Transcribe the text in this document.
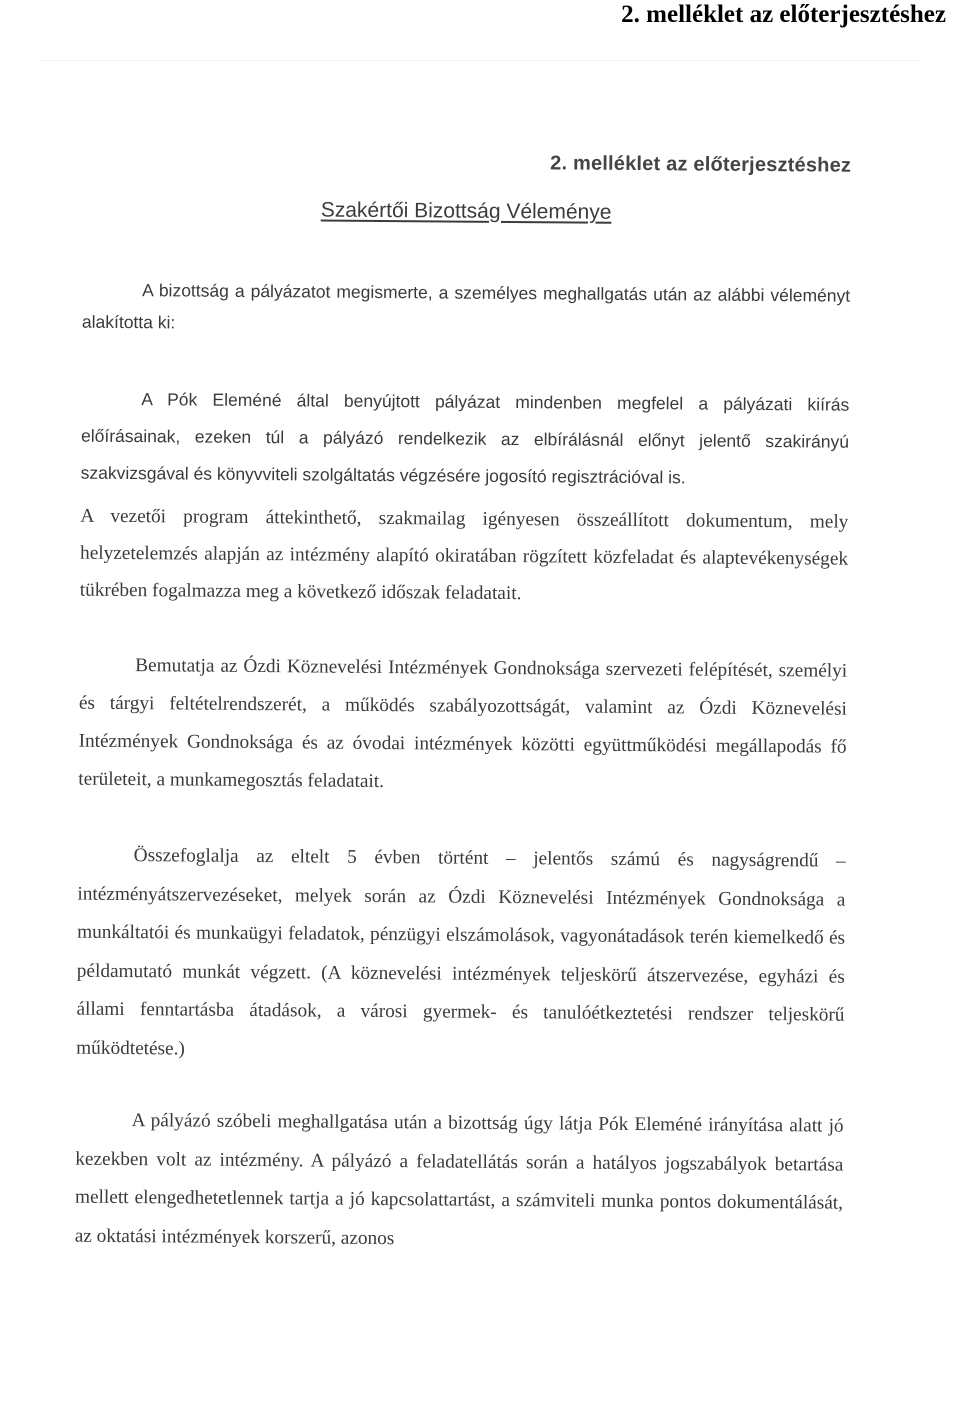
2. melléklet az előterjesztéshez
2. melléklet az előterjesztéshez
Szakértői Bizottság Véleménye
A bizottság a pályázatot megismerte, a személyes meghallgatás után az alábbi véleményt alakította ki:
A Pók Eleméné által benyújtott pályázat mindenben megfelel a pályázati kiírás előírásainak, ezeken túl a pályázó rendelkezik az elbírálásnál előnyt jelentő szakirányú szakvizsgával és könyvviteli szolgáltatás végzésére jogosító regisztrációval is.
A vezetői program áttekinthető, szakmailag igényesen összeállított dokumentum, mely helyzetelemzés alapján az intézmény alapító okiratában rögzített közfeladat és alaptevékenységek tükrében fogalmazza meg a következő időszak feladatait.
Bemutatja az Ózdi Köznevelési Intézmények Gondnoksága szervezeti felépítését, személyi és tárgyi feltételrendszerét, a működés szabályozottságát, valamint az Ózdi Köznevelési Intézmények Gondnoksága és az óvodai intézmények közötti együttműködési megállapodás fő területeit, a munkamegosztás feladatait.
Összefoglalja az eltelt 5 évben történt – jelentős számú és nagyságrendű – intézményátszervezéseket, melyek során az Ózdi Köznevelési Intézmények Gondnoksága a munkáltatói és munkaügyi feladatok, pénzügyi elszámolások, vagyonátadások terén kiemelkedő és példamutató munkát végzett. (A köznevelési intézmények teljeskörű átszervezése, egyházi és állami fenntartásba átadások, a városi gyermek- és tanulóétkeztetési rendszer teljeskörű működtetése.)
A pályázó szóbeli meghallgatása után a bizottság úgy látja Pók Eleméné irányítása alatt jó kezekben volt az intézmény. A pályázó a feladatellátás során a hatályos jogszabályok betartása mellett elengedhetetlennek tartja a jó kapcsolattartást, a számviteli munka pontos dokumentálását, az oktatási intézmények korszerű, azonos
